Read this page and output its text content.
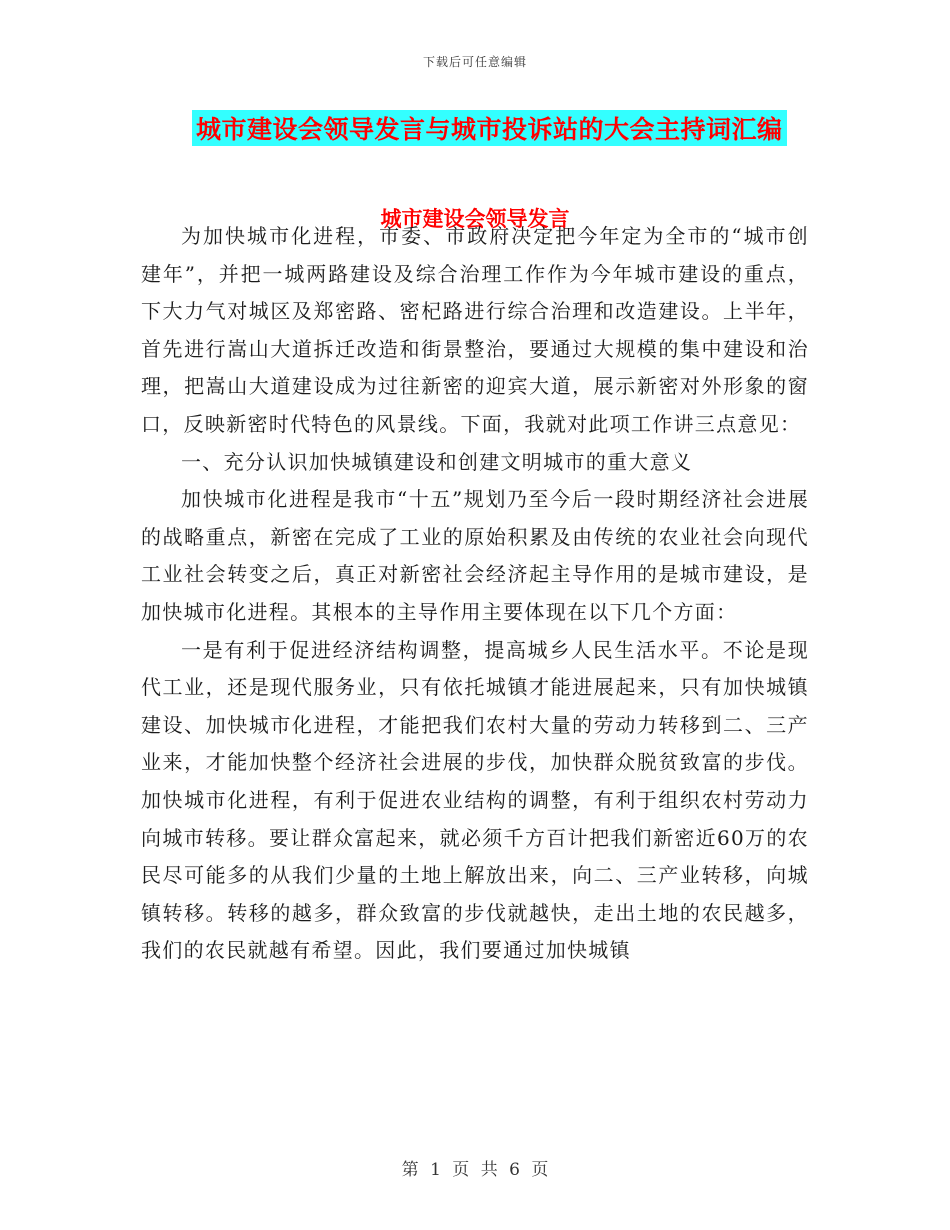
下载后可任意编辑
城市建设会领导发言与城市投诉站的大会主持词汇编
城市建设会领导发言

为加快城市化进程，市委、市政府决定把今年定为全市的“城市创建年”，并把一城两路建设及综合治理工作作为今年城市建设的重点，下大力气对城区及郑密路、密杞路进行综合治理和改造建设。上半年，首先进行嵩山大道拆迁改造和街景整治，要通过大规模的集中建设和治理，把嵩山大道建设成为过往新密的迎宾大道，展示新密对外形象的窗口，反映新密时代特色的风景线。下面，我就对此项工作讲三点意见：

一、充分认识加快城镇建设和创建文明城市的重大意义

加快城市化进程是我市“十五”规划乃至今后一段时期经济社会进展的战略重点，新密在完成了工业的原始积累及由传统的农业社会向现代工业社会转变之后，真正对新密社会经济起主导作用的是城市建设，是加快城市化进程。其根本的主导作用主要体现在以下几个方面：

一是有利于促进经济结构调整，提高城乡人民生活水平。不论是现代工业，还是现代服务业，只有依托城镇才能进展起来，只有加快城镇建设、加快城市化进程，才能把我们农村大量的劳动力转移到二、三产业来，才能加快整个经济社会进展的步伐，加快群众脱贫致富的步伐。加快城市化进程，有利于促进农业结构的调整，有利于组织农村劳动力向城市转移。要让群众富起来，就必须千方百计把我们新密近60万的农民尽可能多的从我们少量的土地上解放出来，向二、三产业转移，向城镇转移。转移的越多，群众致富的步伐就越快，走出土地的农民越多，我们的农民就越有希望。因此，我们要通过加快城镇

第 1 页 共 6 页
